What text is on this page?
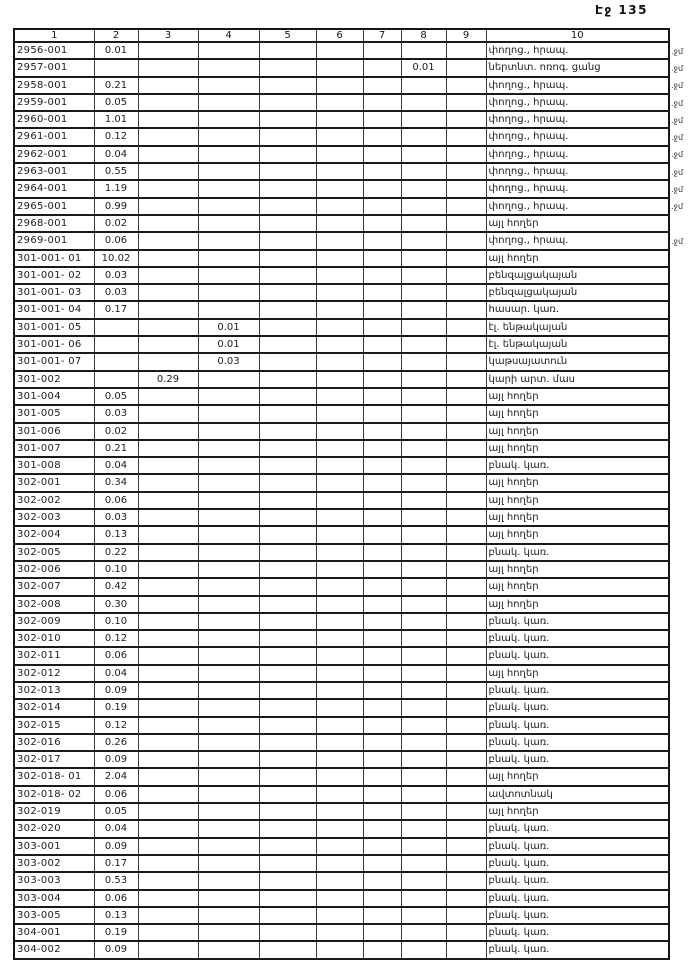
Էջ 135
1	2	3	4	5	6	7	8	9	10
2956-001	0.01								փողոց., հրապ.
2957-001							0.01		ներտնտ. ոռոգ. ցանց
2958-001	0.21								փողոց., հրապ.
2959-001	0.05								փողոց., հրապ.
2960-001	1.01								փողոց., հրապ.
2961-001	0.12								փողոց., հրապ.
2962-001	0.04								փողոց., հրապ.
2963-001	0.55								փողոց., հրապ.
2964-001	1.19								փողոց., հրապ.
2965-001	0.99								փողոց., հրապ.
2968-001	0.02								այլ հողեր
2969-001	0.06								փողոց., հրապ.
301-001- 01	10.02								այլ հողեր
301-001- 02	0.03								բենզալցակայան
301-001- 03	0.03								բենզալցակայան
301-001- 04	0.17								հասար. կառ.
301-001- 05			0.01						էլ. ենթակայան
301-001- 06			0.01						էլ. ենթակայան
301-001- 07			0.03						կաթսայատուն
301-002		0.29							կարի արտ. մաս
301-004	0.05								այլ հողեր
301-005	0.03								այլ հողեր
301-006	0.02								այլ հողեր
301-007	0.21								այլ հողեր
301-008	0.04								բնակ. կառ.
302-001	0.34								այլ հողեր
302-002	0.06								այլ հողեր
302-003	0.03								այլ հողեր
302-004	0.13								այլ հողեր
302-005	0.22								բնակ. կառ.
302-006	0.10								այլ հողեր
302-007	0.42								այլ հողեր
302-008	0.30								այլ հողեր
302-009	0.10								բնակ. կառ.
302-010	0.12								բնակ. կառ.
302-011	0.06								բնակ. կառ.
302-012	0.04								այլ հողեր
302-013	0.09								բնակ. կառ.
302-014	0.19								բնակ. կառ.
302-015	0.12								բնակ. կառ.
302-016	0.26								բնակ. կառ.
302-017	0.09								բնակ. կառ.
302-018- 01	2.04								այլ հողեր
302-018- 02	0.06								ավտոտնակ
302-019	0.05								այլ հողեր
302-020	0.04								բնակ. կառ.
303-001	0.09								բնակ. կառ.
303-002	0.17								բնակ. կառ.
303-003	0.53								բնակ. կառ.
303-004	0.06								բնակ. կառ.
303-005	0.13								բնակ. կառ.
304-001	0.19								բնակ. կառ.
304-002	0.09								բնակ. կառ.
.ջմ
.ջմ
.ջմ
.ջմ
.ջմ
.ջմ
.ջմ
.ջմ
.ջմ
.ջմ
.ջմ
